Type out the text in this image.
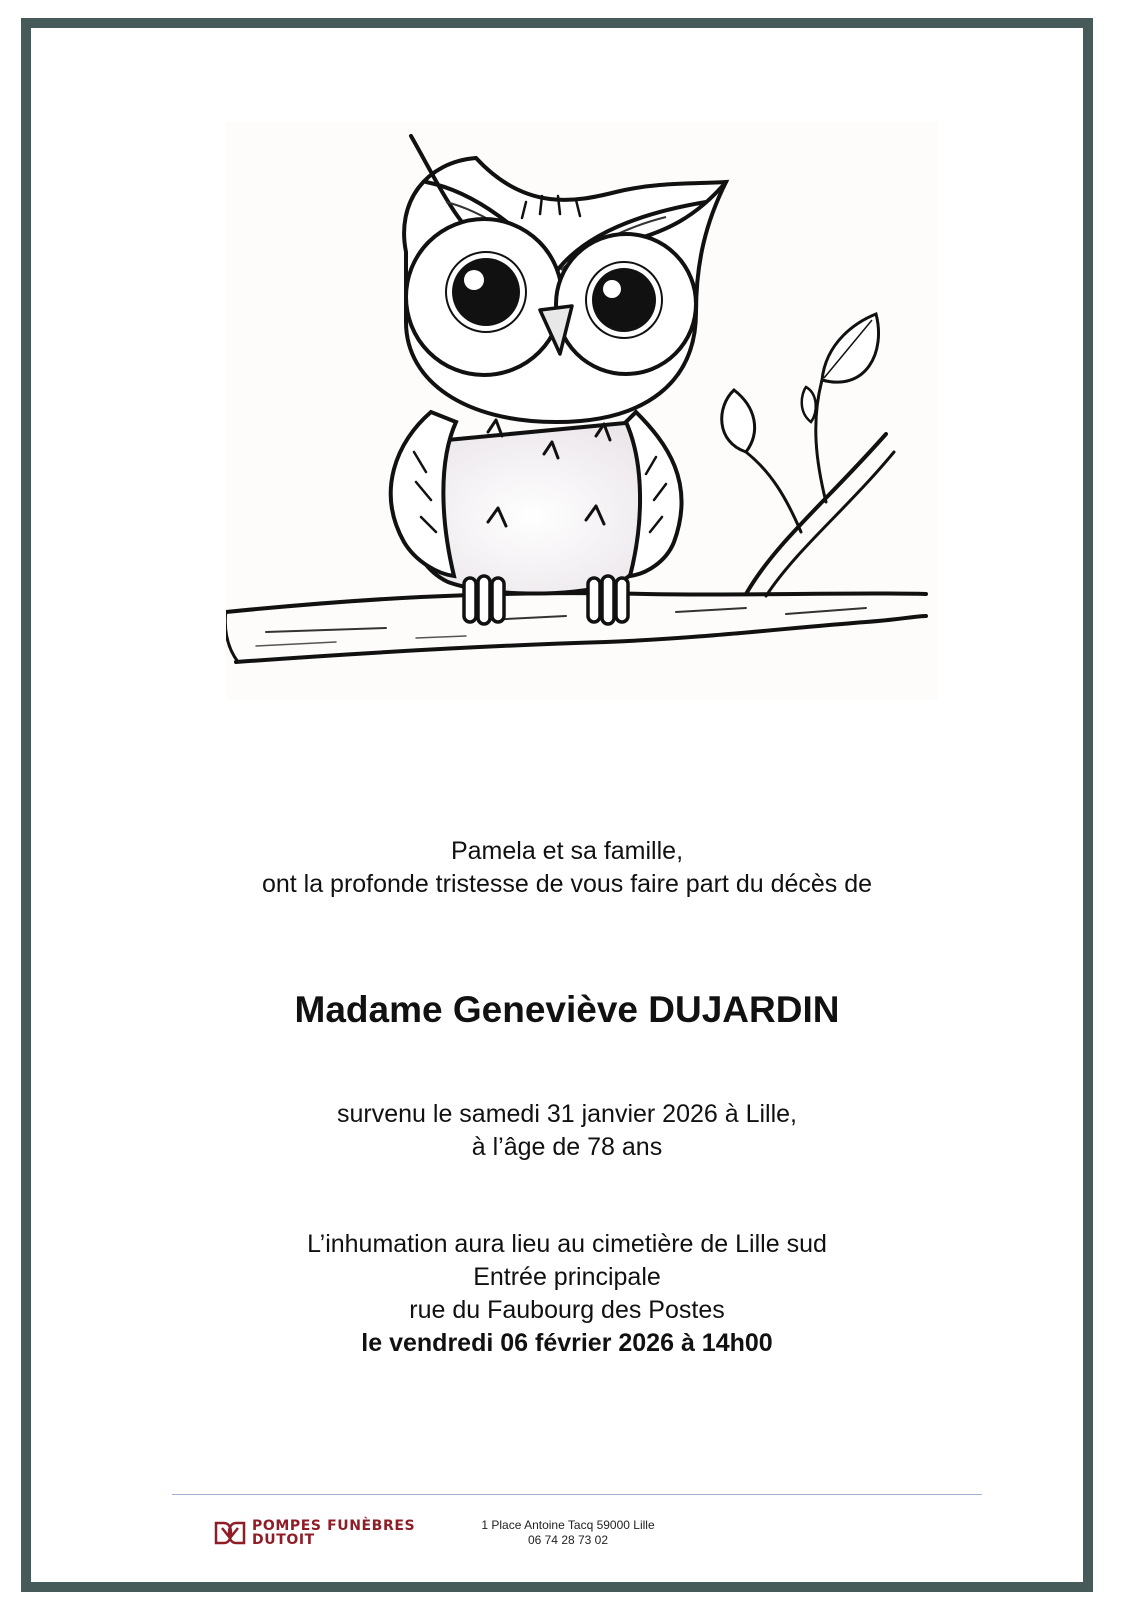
Pamela et sa famille,
ont la profonde tristesse de vous faire part du décès de
Madame Geneviève DUJARDIN
survenu le samedi 31 janvier 2026 à Lille,
à l’âge de 78 ans
L’inhumation aura lieu au cimetière de Lille sud
Entrée principale
rue du Faubourg des Postes
le vendredi 06 février 2026 à 14h00
POMPES FUNÈBRES
DUTOIT
1 Place Antoine Tacq 59000 Lille
06 74 28 73 02
